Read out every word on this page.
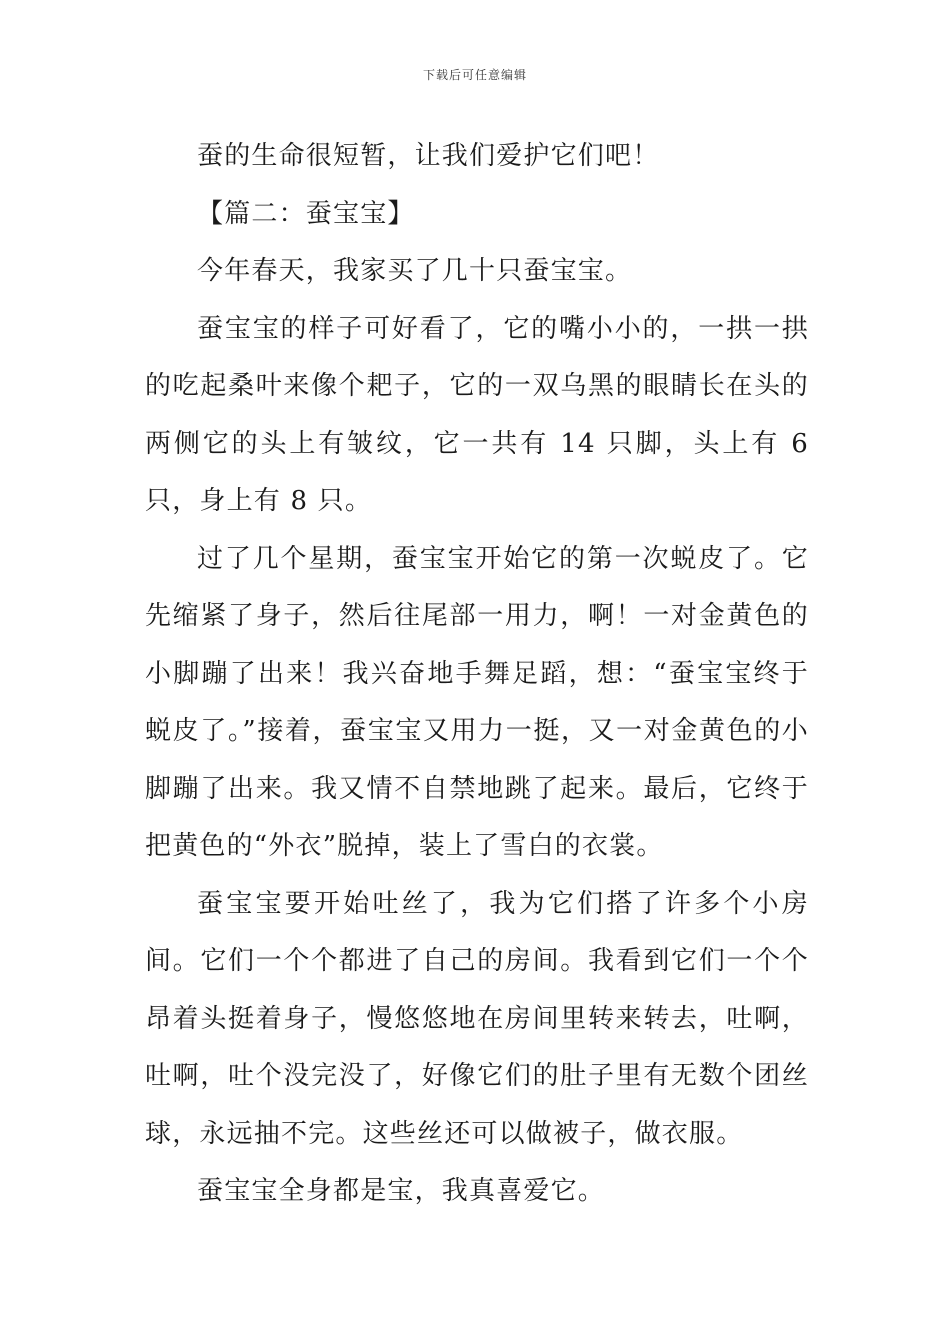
下载后可任意编辑

蚕的生命很短暂，让我们爱护它们吧！

【篇二：蚕宝宝】

今年春天，我家买了几十只蚕宝宝。

蚕宝宝的样子可好看了，它的嘴小小的，一拱一拱的吃起桑叶来像个耙子，它的一双乌黑的眼睛长在头的两侧它的头上有皱纹，它一共有 14 只脚，头上有 6 只，身上有 8 只。

过了几个星期，蚕宝宝开始它的第一次蜕皮了。它先缩紧了身子，然后往尾部一用力，啊！一对金黄色的小脚蹦了出来！我兴奋地手舞足蹈，想：“蚕宝宝终于蜕皮了。”接着，蚕宝宝又用力一挺，又一对金黄色的小脚蹦了出来。我又情不自禁地跳了起来。最后，它终于把黄色的“外衣”脱掉，装上了雪白的衣裳。

蚕宝宝要开始吐丝了，我为它们搭了许多个小房间。它们一个个都进了自己的房间。我看到它们一个个昂着头挺着身子，慢悠悠地在房间里转来转去，吐啊，吐啊，吐个没完没了，好像它们的肚子里有无数个团丝球，永远抽不完。这些丝还可以做被子，做衣服。

蚕宝宝全身都是宝，我真喜爱它。
